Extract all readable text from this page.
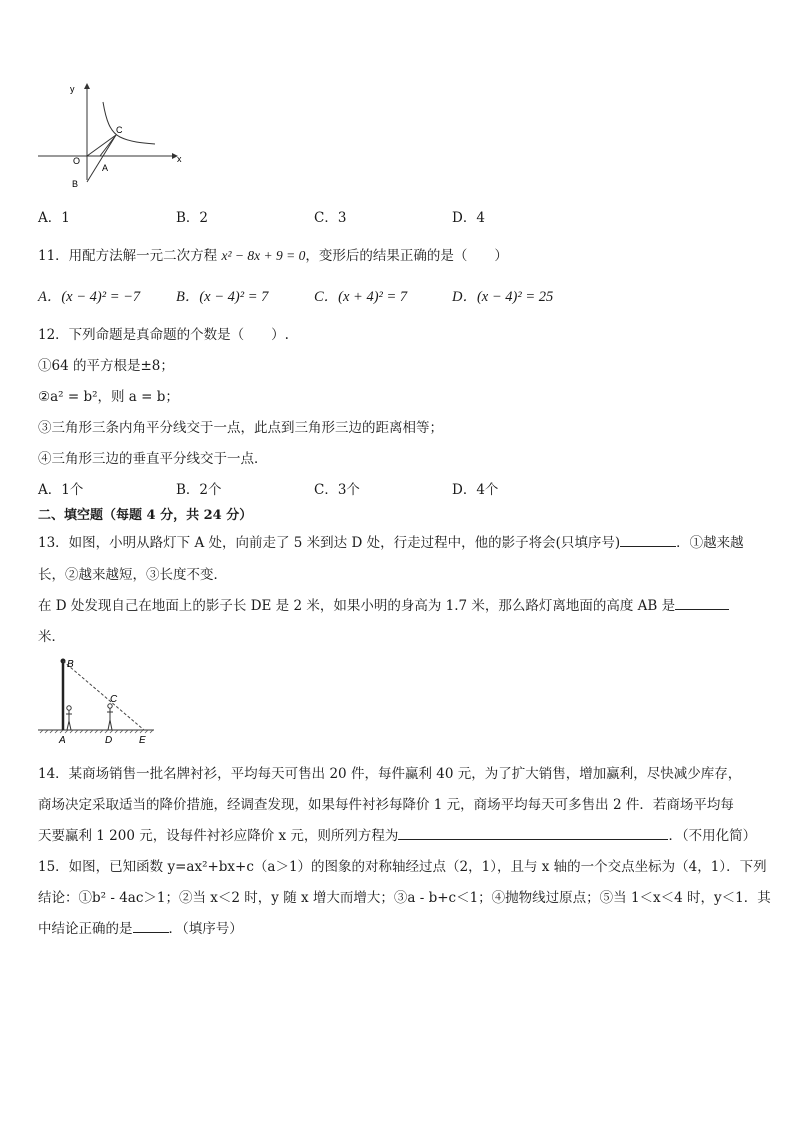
y
x
O
A
B
C
A．1	B．2	C．3	D．4
11．用配方法解一元二次方程 x² − 8x + 9 = 0，变形后的结果正确的是（　　）
A．(x − 4)² = −7 B．(x − 4)² = 7	C．(x + 4)² = 7	D．(x − 4)² = 25
12．下列命题是真命题的个数是（　　）.
①64 的平方根是±8；
②a² = b²，则 a = b；
③三角形三条内角平分线交于一点，此点到三角形三边的距离相等；
④三角形三边的垂直平分线交于一点．
A．1个	B．2个	C．3个	D．4个
二、填空题（每题 4 分，共 24 分）
13．如图，小明从路灯下 A 处，向前走了 5 米到达 D 处，行走过程中，他的影子将会(只填序号)	．①越来越
长，②越来越短，③长度不变．
在 D 处发现自己在地面上的影子长 DE 是 2 米，如果小明的身高为 1.7 米，那么路灯离地面的高度 AB 是
米．
B
C
A	D	E
14．某商场销售一批名牌衬衫，平均每天可售出 20 件，每件赢利 40 元，为了扩大销售，增加赢利，尽快减少库存，
商场决定采取适当的降价措施，经调查发现，如果每件衬衫每降价 1 元，商场平均每天可多售出 2 件．若商场平均每
天要赢利 1 200 元，设每件衬衫应降价 x 元，则所列方程为	．（不用化简）
15．如图，已知函数 y=ax²+bx+c（a＞1）的图象的对称轴经过点（2，1），且与 x 轴的一个交点坐标为（4，1）．下列
结论：①b² - 4ac＞1；②当 x＜2 时，y 随 x 增大而增大；③a - b+c＜1；④抛物线过原点；⑤当 1＜x＜4 时，y＜1．其
中结论正确的是	．（填序号）
